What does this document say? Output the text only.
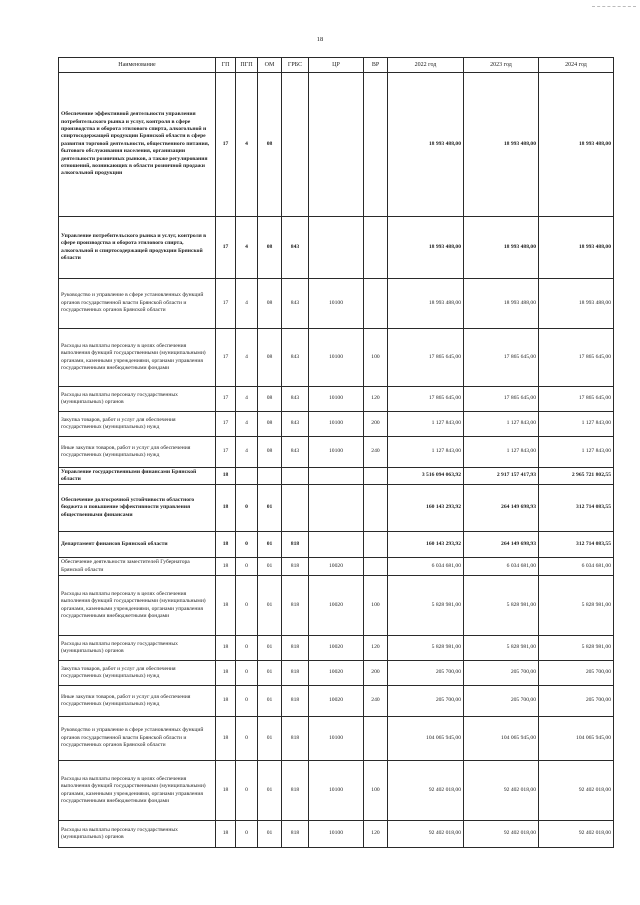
18
Наименование	ГП	ПГП	ОМ	ГРБС	ЦР	ВР	2022 год	2023 год	2024 год
Обеспечение эффективной деятельности управления потребительского рынка и услуг, контроля в сфере производства и оборота этилового спирта, алкогольной и спиртосодержащей продукции Брянской области в сфере развития торговой деятельности, общественного питания, бытового обслуживания населения, организации деятельности розничных рынков, а также регулирования отношений, возникающих в области розничной продажи алкогольной продукции	17	4	08				18 993 488,00	18 993 488,00	18 993 488,00
Управление потребительского рынка и услуг, контроля в сфере производства и оборота этилового спирта, алкогольной и спиртосодержащей продукции Брянской области	17	4	08	843			18 993 488,00	18 993 488,00	18 993 488,00
Руководство и управление в сфере установленных функций органов государственной власти Брянской области и государственных органов Брянской области	17	4	08	843	10100		18 993 488,00	18 993 488,00	18 993 488,00
Расходы на выплаты персоналу в целях обеспечения выполнения функций государственными (муниципальными) органами, казенными учреждениями, органами управления государственными внебюджетными фондами	17	4	08	843	10100	100	17 865 645,00	17 865 645,00	17 865 645,00
Расходы на выплаты персоналу государственных (муниципальных) органов	17	4	08	843	10100	120	17 865 645,00	17 865 645,00	17 865 645,00
Закупка товаров, работ и услуг для обеспечения государственных (муниципальных) нужд	17	4	08	843	10100	200	1 127 843,00	1 127 843,00	1 127 843,00
Иные закупки товаров, работ и услуг для обеспечения государственных (муниципальных) нужд	17	4	08	843	10100	240	1 127 843,00	1 127 843,00	1 127 843,00
Управление государственными финансами Брянской области	18						3 516 094 063,92	2 917 157 417,93	2 965 721 802,55
Обеспечение долгосрочной устойчивости областного бюджета и повышение эффективности управления общественными финансами	18	0	01				160 143 293,92	264 149 698,93	312 714 083,55
Департамент финансов Брянской области	18	0	01	818			160 143 293,92	264 149 698,93	312 714 083,55
Обеспечение деятельности заместителей Губернатора Брянской области	18	0	01	818	10020		6 034 681,00	6 034 681,00	6 034 681,00
Расходы на выплаты персоналу в целях обеспечения выполнения функций государственными (муниципальными) органами, казенными учреждениями, органами управления государственными внебюджетными фондами	18	0	01	818	10020	100	5 828 981,00	5 828 981,00	5 828 981,00
Расходы на выплаты персоналу государственных (муниципальных) органов	18	0	01	818	10020	120	5 828 981,00	5 828 981,00	5 828 981,00
Закупка товаров, работ и услуг для обеспечения государственных (муниципальных) нужд	18	0	01	818	10020	200	205 700,00	205 700,00	205 700,00
Иные закупки товаров, работ и услуг для обеспечения государственных (муниципальных) нужд	18	0	01	818	10020	240	205 700,00	205 700,00	205 700,00
Руководство и управление в сфере установленных функций органов государственной власти Брянской области и государственных органов Брянской области	18	0	01	818	10100		104 065 945,00	104 065 945,00	104 065 945,00
Расходы на выплаты персоналу в целях обеспечения выполнения функций государственными (муниципальными) органами, казенными учреждениями, органами управления государственными внебюджетными фондами	18	0	01	818	10100	100	92 402 018,00	92 402 018,00	92 402 018,00
Расходы на выплаты персоналу государственных (муниципальных) органов	18	0	01	818	10100	120	92 402 018,00	92 402 018,00	92 402 018,00
